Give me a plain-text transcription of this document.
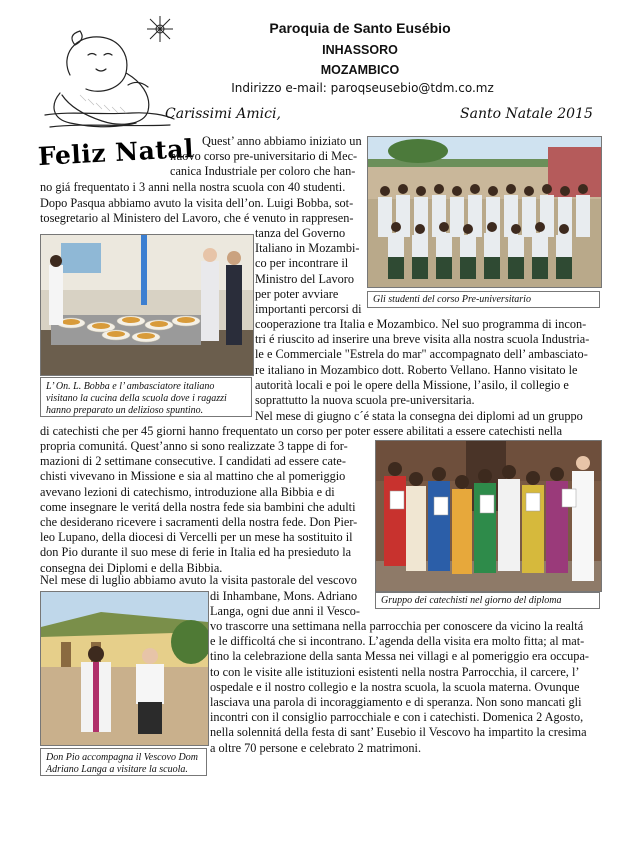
Paroquia de Santo Eusébio
INHASSORO
MOZAMBICO
Indirizzo e-mail: paroqseusebio@tdm.co.mz
Carissimi Amici,	Santo Natale 2015
Feliz Natal Quest’ anno abbiamo iniziato un
nuovo corso pre-universitario di Mec-
canica Industriale per coloro che han-
no giá frequentato i 3 anni nella nostra scuola con 40 studenti.
Gli studenti del corso Pre-universitario
Dopo Pasqua abbiamo avuto la visita dell’on. Luigi Bobba, sot-
tosegretario al Ministero del Lavoro, che é venuto in rappresen-
L’ On. L. Bobba e l’ ambasciatore italiano visitano la cucina della scuola dove i ragazzi hanno preparato un delizioso spuntino.
tanza del Governo
Italiano in Mozambi-
co per incontrare il
Ministro del Lavoro
per poter avviare
importanti percorsi di
cooperazione tra Italia e Mozambico. Nel suo programma di incon-
tri é riuscito ad inserire una breve visita alla nostra scuola Industria-
le e Commerciale "Estrela do mar" accompagnato dell’ ambasciato-
re italiano in Mozambico dott. Roberto Vellano. Hanno visitato le
autorità locali e poi le opere della Missione, l’asilo, il collegio e
soprattutto la nuova scuola pre-universitaria.
Nel mese di giugno c´é stata la consegna dei diplomi ad un gruppo
di catechisti che per 45 giorni hanno frequentato un corso per poter essere abilitati a essere catechisti nella
propria comunitá. Quest’anno si sono realizzate 3 tappe di for-
mazioni di 2 settimane consecutive. I candidati ad essere cate-
chisti vivevano in Missione e sia al mattino che al pomeriggio
avevano lezioni di catechismo, introduzione alla Bibbia e di
come insegnare le veritá della nostra fede sia bambini che adulti
che desiderano ricevere i sacramenti della nostra fede. Don Pier-
leo Lupano, della diocesi di Vercelli per un mese ha sostituito il
don Pio durante il suo mese di ferie in Italia ed ha presieduto la
consegna dei Diplomi e della Bibbia.
Gruppo dei catechisti nel giorno del diploma
Nel mese di luglio abbiamo avuto la visita pastorale del vescovo
Don Pio accompagna il Vescovo Dom Adriano Langa a visitare la scuola.
di Inhambane, Mons. Adriano
Langa, ogni due anni il Vesco-
vo trascorre una settimana nella parrocchia per conoscere da vicino la realtá
e le difficoltá che si incontrano. L’agenda della visita era molto fitta; al mat-
tino la celebrazione della santa Messa nei villagi e al pomeriggio era occupa-
to con le visite alle istituzioni esistenti nella nostra Parrocchia, il carcere, l’
ospedale e il nostro collegio e la nostra scuola, la scuola materna. Ovunque
lasciava una parola di incoraggiamento e di speranza. Non sono mancati gli
incontri con il consiglio parrocchiale e con i catechisti. Domenica 2 Agosto,
nella solennitá della festa di sant’ Eusebio il Vescovo ha impartito la cresima
a oltre 70 persone e celebrato 2 matrimoni.
